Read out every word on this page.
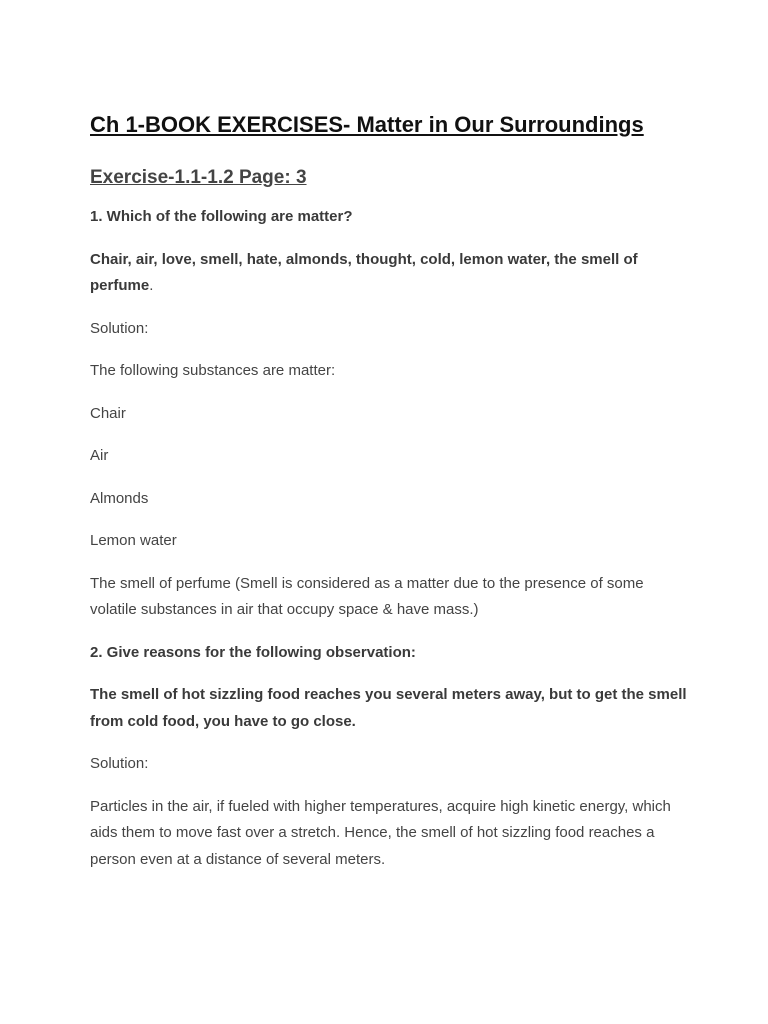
Ch 1-BOOK EXERCISES- Matter in Our Surroundings
Exercise-1.1-1.2 Page: 3

1. Which of the following are matter?

Chair, air, love, smell, hate, almonds, thought, cold, lemon water, the smell of perfume.

Solution:

The following substances are matter:

Chair

Air

Almonds

Lemon water

The smell of perfume (Smell is considered as a matter due to the presence of some volatile substances in air that occupy space & have mass.)

2. Give reasons for the following observation:

The smell of hot sizzling food reaches you several meters away, but to get the smell from cold food, you have to go close.

Solution:

Particles in the air, if fueled with higher temperatures, acquire high kinetic energy, which aids them to move fast over a stretch. Hence, the smell of hot sizzling food reaches a person even at a distance of several meters.
